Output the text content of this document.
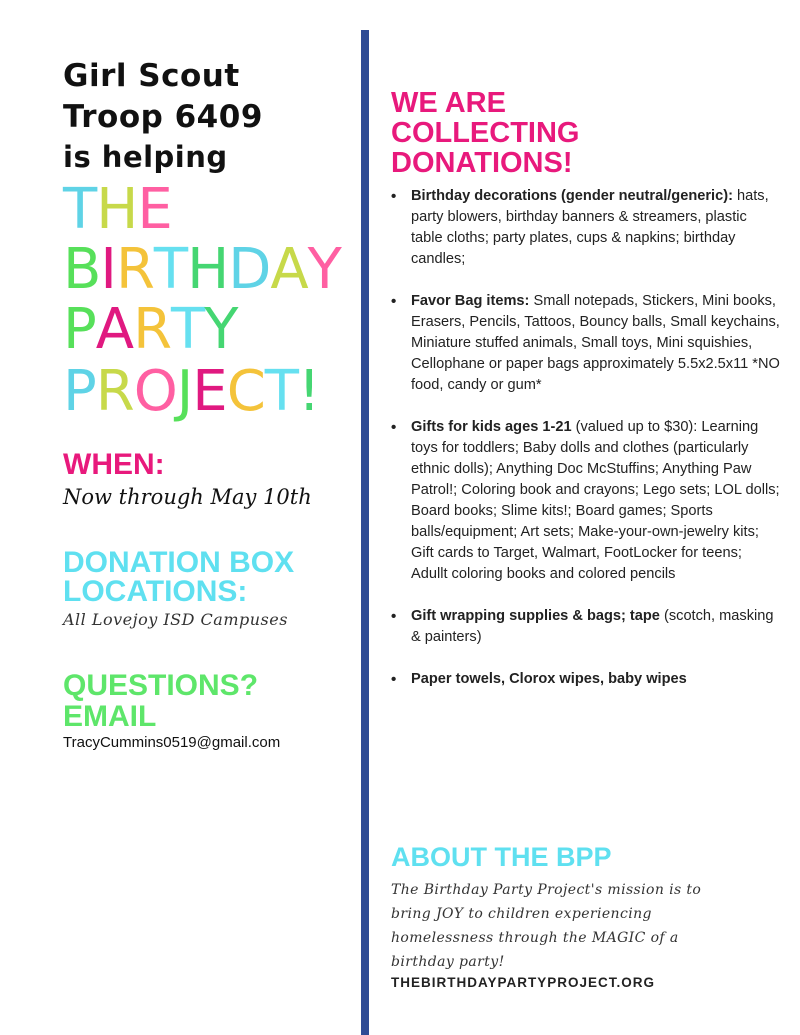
Girl Scout
Troop 6409
is helping
THE
BIRTHDAY
PARTY
PROJECT!
WHEN:
Now through May 10th
DONATION BOX
LOCATIONS:
All Lovejoy ISD Campuses
QUESTIONS?
EMAIL
TracyCummins0519@gmail.com
WE ARE
COLLECTING
DONATIONS!
• Birthday decorations (gender neutral/generic): hats, party blowers, birthday banners & streamers, plastic table cloths; party plates, cups & napkins; birthday candles;
• Favor Bag items: Small notepads, Stickers, Mini books, Erasers, Pencils, Tattoos, Bouncy balls, Small keychains, Miniature stuffed animals, Small toys, Mini squishies, Cellophane or paper bags approximately 5.5x2.5x11 *NO food, candy or gum*
• Gifts for kids ages 1-21 (valued up to $30): Learning toys for toddlers; Baby dolls and clothes (particularly ethnic dolls); Anything Doc McStuffins; Anything Paw Patrol!; Coloring book and crayons; Lego sets; LOL dolls; Board books; Slime kits!; Board games; Sports balls/equipment; Art sets; Make-your-own-jewelry kits; Gift cards to Target, Walmart, FootLocker for teens; Adullt coloring books and colored pencils
• Gift wrapping supplies & bags; tape (scotch, masking & painters)
• Paper towels, Clorox wipes, baby wipes
ABOUT THE BPP
The Birthday Party Project's mission is to bring JOY to children experiencing homelessness through the MAGIC of a birthday party!
THEBIRTHDAYPARTYPROJECT.ORG
